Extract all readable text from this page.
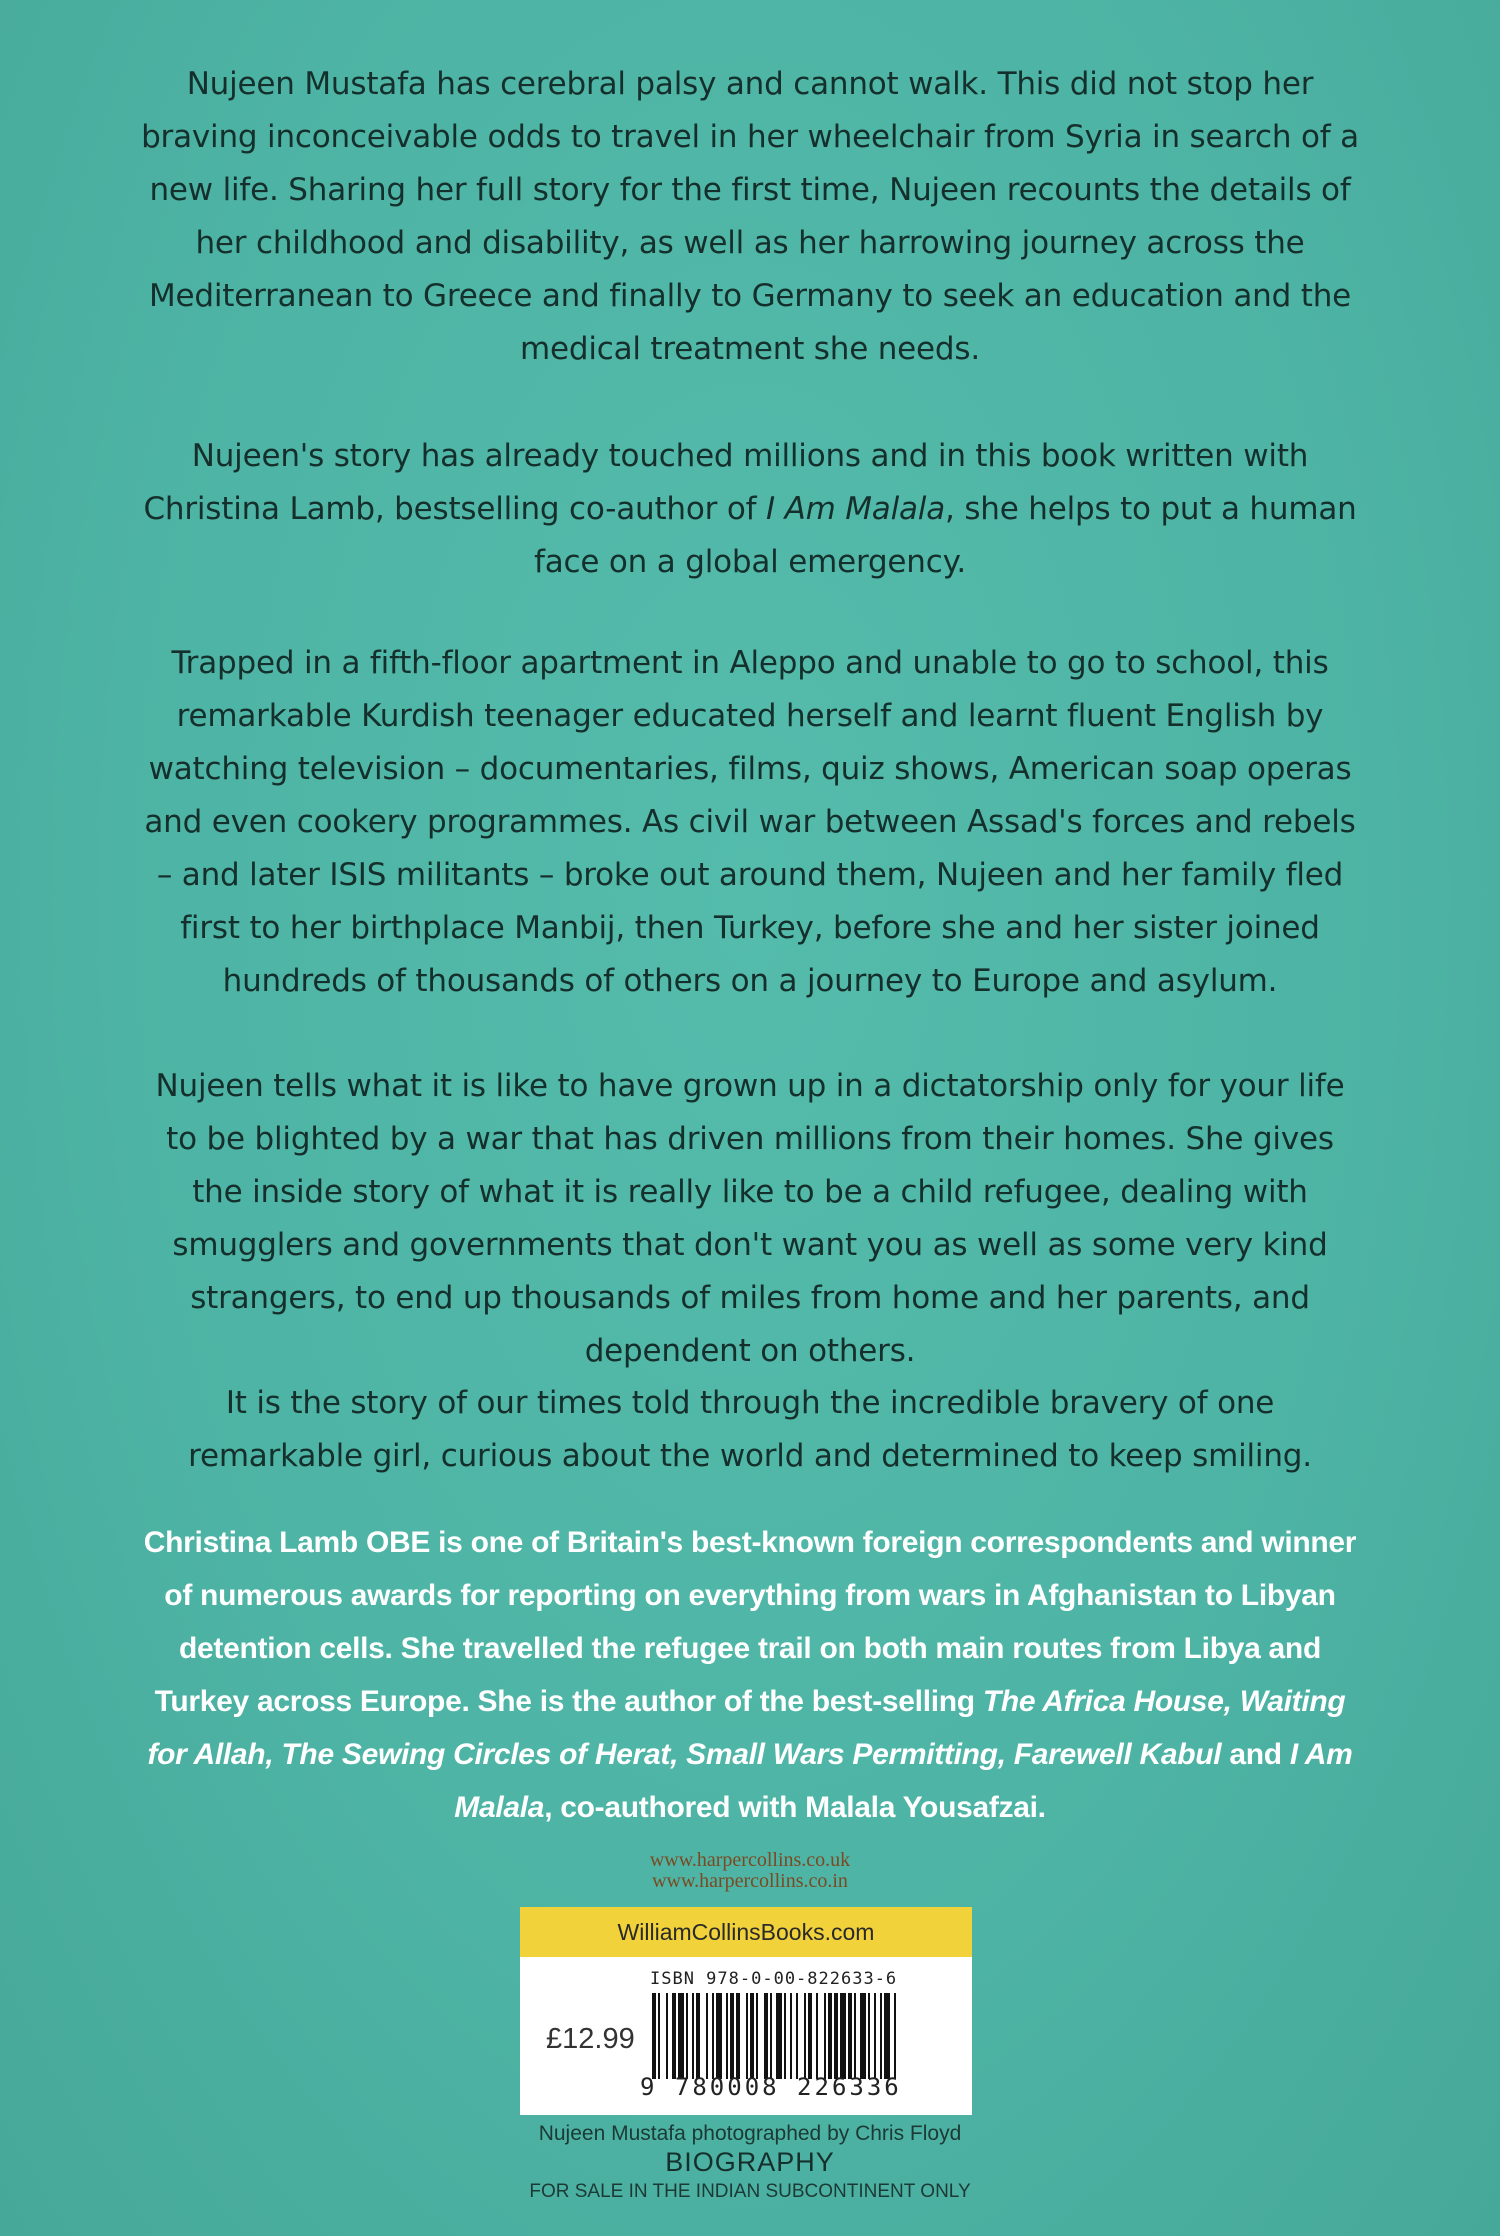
Nujeen Mustafa has cerebral palsy and cannot walk. This did not stop her braving inconceivable odds to travel in her wheelchair from Syria in search of a new life. Sharing her full story for the first time, Nujeen recounts the details of her childhood and disability, as well as her harrowing journey across the Mediterranean to Greece and finally to Germany to seek an education and the medical treatment she needs.

Nujeen's story has already touched millions and in this book written with Christina Lamb, bestselling co-author of I Am Malala, she helps to put a human face on a global emergency.

Trapped in a fifth-floor apartment in Aleppo and unable to go to school, this remarkable Kurdish teenager educated herself and learnt fluent English by watching television – documentaries, films, quiz shows, American soap operas and even cookery programmes. As civil war between Assad's forces and rebels – and later ISIS militants – broke out around them, Nujeen and her family fled first to her birthplace Manbij, then Turkey, before she and her sister joined hundreds of thousands of others on a journey to Europe and asylum.

Nujeen tells what it is like to have grown up in a dictatorship only for your life to be blighted by a war that has driven millions from their homes. She gives the inside story of what it is really like to be a child refugee, dealing with smugglers and governments that don't want you as well as some very kind strangers, to end up thousands of miles from home and her parents, and dependent on others.

It is the story of our times told through the incredible bravery of one remarkable girl, curious about the world and determined to keep smiling.

Christina Lamb OBE is one of Britain's best-known foreign correspondents and winner of numerous awards for reporting on everything from wars in Afghanistan to Libyan detention cells. She travelled the refugee trail on both main routes from Libya and Turkey across Europe. She is the author of the best-selling The Africa House, Waiting for Allah, The Sewing Circles of Herat, Small Wars Permitting, Farewell Kabul and I Am Malala, co-authored with Malala Yousafzai.

www.harpercollins.co.uk
www.harpercollins.co.in
WilliamCollinsBooks.com
ISBN 978-0-00-822633-6
£12.99
9 780008 226336
Nujeen Mustafa photographed by Chris Floyd
BIOGRAPHY
FOR SALE IN THE INDIAN SUBCONTINENT ONLY
